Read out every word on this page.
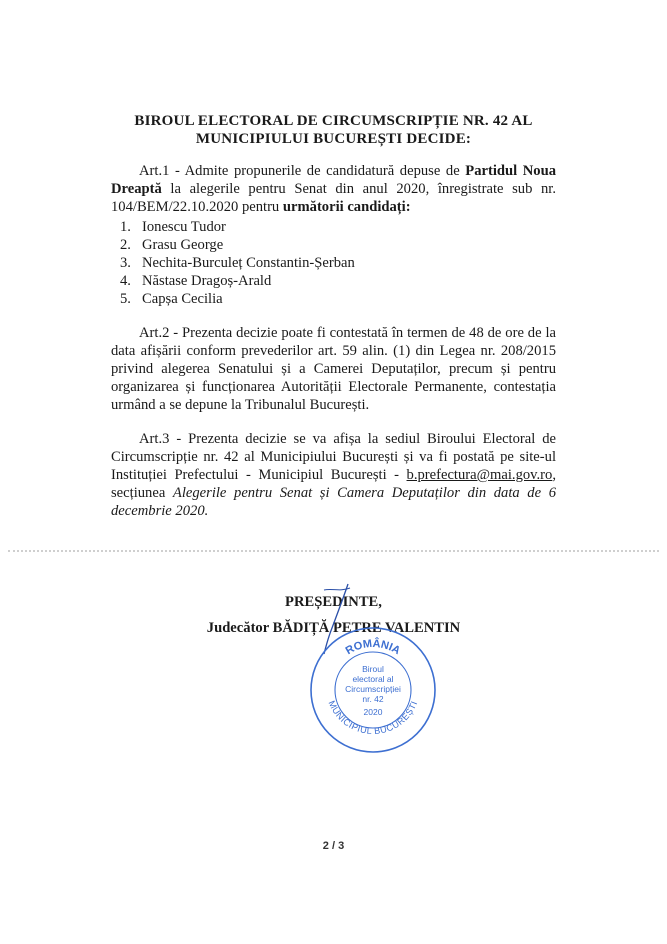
BIROUL ELECTORAL DE CIRCUMSCRIPȚIE NR. 42 AL
MUNICIPIULUI BUCUREȘTI DECIDE:
Art.1 - Admite propunerile de candidatură depuse de Partidul Noua Dreaptă la alegerile pentru Senat din anul 2020, înregistrate sub nr. 104/BEM/22.10.2020 pentru următorii candidați:
1. Ionescu Tudor
2. Grasu George
3. Nechita-Burculeț Constantin-Șerban
4. Năstase Dragoș-Arald
5. Capșa Cecilia
Art.2 - Prezenta decizie poate fi contestată în termen de 48 de ore de la data afișării conform prevederilor art. 59 alin. (1) din Legea nr. 208/2015 privind alegerea Senatului și a Camerei Deputaților, precum și pentru organizarea și funcționarea Autorității Electorale Permanente, contestația urmând a se depune la Tribunalul București.
Art.3 - Prezenta decizie se va afișa la sediul Biroului Electoral de Circumscripție nr. 42 al Municipiului București și va fi postată pe site-ul Instituției Prefectului - Municipiul București - b.prefectura@mai.gov.ro, secțiunea Alegerile pentru Senat și Camera Deputaților din data de 6 decembrie 2020.
PREȘEDINTE,
Judecător BĂDIȚĂ PETRE VALENTIN
ROMÂNIA
MUNICIPIUL BUCUREȘTI
Biroul
electoral al
Circumscripției
nr. 42
2020
2 / 3
